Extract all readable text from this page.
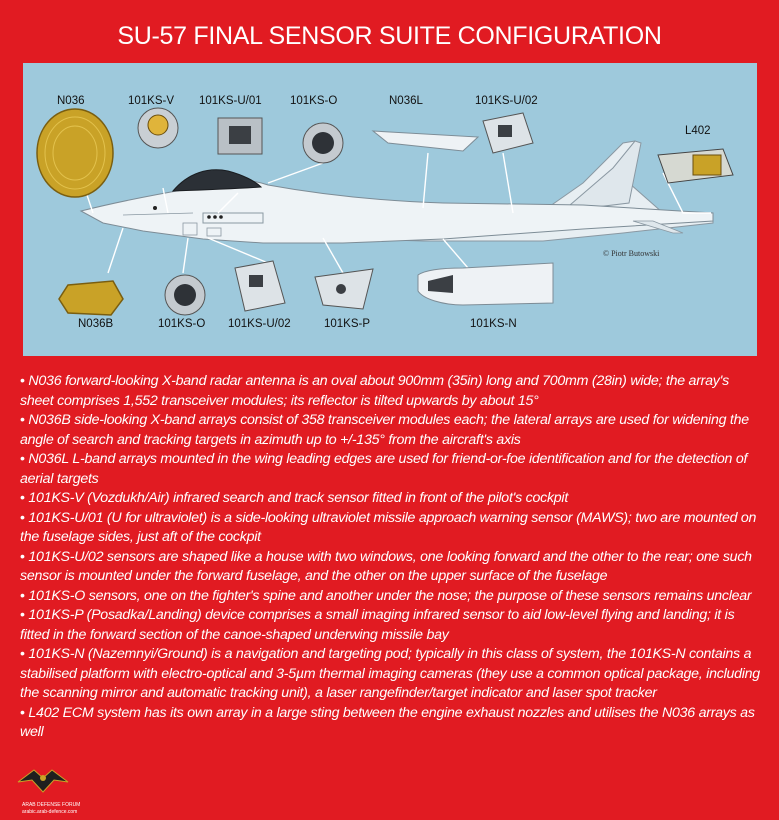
SU-57 FINAL SENSOR SUITE CONFIGURATION
N036	101KS-V 101KS-U/01 101KS-O	N036L	101KS-U/02
L402
N036B	101KS-O 101KS-U/02	101KS-P	101KS-N
© Piotr Butowski

• N036 forward-looking X-band radar antenna is an oval about 900mm (35in) long and 700mm (28in) wide; the array's sheet comprises 1,552 transceiver modules; its reflector is tilted upwards by about 15°

• N036B side-looking X-band arrays consist of 358 transceiver modules each; the lateral arrays are used for widening the angle of search and tracking targets in azimuth up to +/-135° from the aircraft's axis

• N036L L-band arrays mounted in the wing leading edges are used for friend-or-foe identification and for the detection of aerial targets

• 101KS-V (Vozdukh/Air) infrared search and track sensor fitted in front of the pilot's cockpit

• 101KS-U/01 (U for ultraviolet) is a side-looking ultraviolet missile approach warning sensor (MAWS); two are mounted on the fuselage sides, just aft of the cockpit

• 101KS-U/02 sensors are shaped like a house with two windows, one looking forward and the other to the rear; one such sensor is mounted under the forward fuselage, and the other on the upper surface of the fuselage

• 101KS-O sensors, one on the fighter's spine and another under the nose; the purpose of these sensors remains unclear

• 101KS-P (Posadka/Landing) device comprises a small imaging infrared sensor to aid low-level flying and landing; it is fitted in the forward section of the canoe-shaped underwing missile bay

• 101KS-N (Nazemnyi/Ground) is a navigation and targeting pod; typically in this class of system, the 101KS-N contains a stabilised platform with electro-optical and 3-5µm thermal imaging cameras (they use a common optical package, including the scanning mirror and automatic tracking unit), a laser rangefinder/target indicator and laser spot tracker

• L402 ECM system has its own array in a large sting between the engine exhaust nozzles and utilises the N036 arrays as well

ARAB DEFENSE FORUM
arabic.arab-defence.com
